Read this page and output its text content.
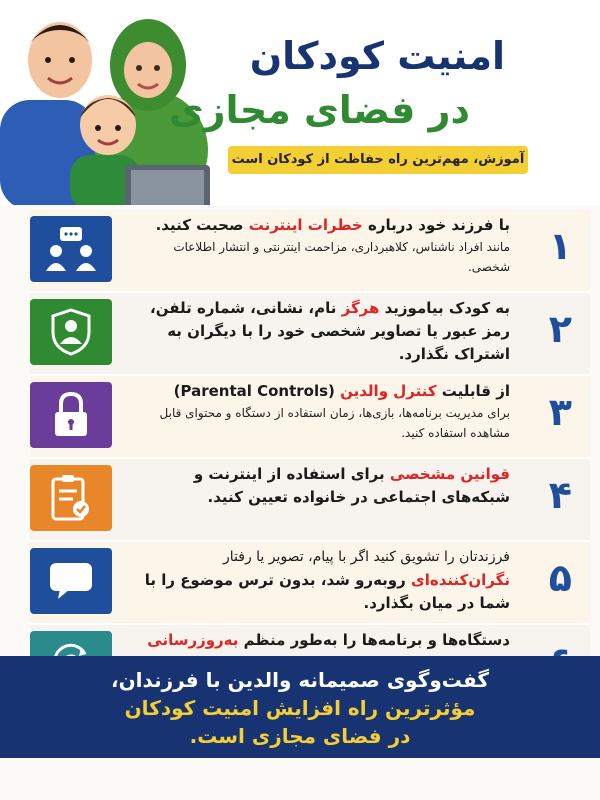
امنیت کودکان
در فضای مجازی
آموزش، مهم‌ترین راه حفاظت از کودکان است
با فرزند خود درباره خطرات اینترنت صحبت کنید.
مانند افراد ناشناس، کلاهبرداری، مزاحمت اینترنتی و انتشار اطلاعات شخصی. ۱
به کودک بیاموزید هرگز نام، نشانی، شماره تلفن، رمز عبور یا تصاویر شخصی خود را با دیگران به اشتراک نگذارد.
۲
از قابلیت کنترل والدین (Parental Controls)
برای مدیریت برنامه‌ها، بازی‌ها، زمان استفاده از دستگاه و محتوای قابل مشاهده استفاده کنید. ۳
قوانین مشخصی برای استفاده از اینترنت و شبکه‌های اجتماعی در خانواده تعیین کنید. ۴
فرزندتان را تشویق کنید اگر با پیام، تصویر یا رفتار
نگران‌کننده‌ای روبه‌رو شد، بدون ترس موضوع را با شما در میان بگذارد.
۵
دستگاه‌ها و برنامه‌ها را به‌طور منظم به‌روزرسانی
گفت‌وگوی صمیمانه والدین با فرزندان،
مؤثرترین راه افزایش امنیت کودکان
در فضای مجازی است.
